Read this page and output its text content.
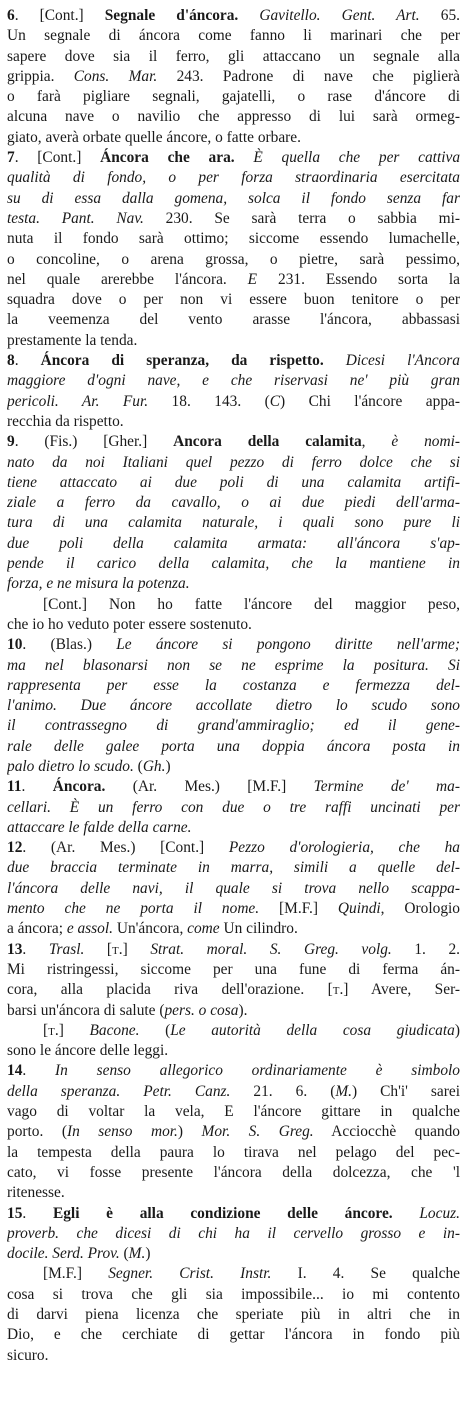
6. [Cont.] Segnale d'áncora. Gavitello. Gent. Art. 65.
Un segnale di áncora come fanno li marinari che per
sapere dove sia il ferro, gli attaccano un segnale alla
grippia. Cons. Mar. 243. Padrone di nave che piglierà
o farà pigliare segnali, gajatelli, o rase d'áncore di
alcuna nave o navilio che appresso di lui sarà ormeg-
giato, averà orbate quelle áncore, o fatte orbare.
7. [Cont.] Áncora che ara. È quella che per cattiva
qualità di fondo, o per forza straordinaria esercitata
su di essa dalla gomena, solca il fondo senza far
testa. Pant. Nav. 230. Se sarà terra o sabbia mi-
nuta il fondo sarà ottimo; siccome essendo lumachelle,
o concoline, o arena grossa, o pietre, sarà pessimo,
nel quale arerebbe l'áncora. E 231. Essendo sorta la
squadra dove o per non vi essere buon tenitore o per
la veemenza del vento arasse l'áncora, abbassasi
prestamente la tenda.
8. Áncora di speranza, da rispetto. Dicesi l'Ancora
maggiore d'ogni nave, e che riservasi ne' più gran
pericoli. Ar. Fur. 18. 143. (C) Chi l'áncore appa-
recchia da rispetto.
9. (Fis.) [Gher.] Ancora della calamita, è nomi-
nato da noi Italiani quel pezzo di ferro dolce che si
tiene attaccato ai due poli di una calamita artifi-
ziale a ferro da cavallo, o ai due piedi dell'arma-
tura di una calamita naturale, i quali sono pure li
due poli della calamita armata: all'áncora s'ap-
pende il carico della calamita, che la mantiene in
forza, e ne misura la potenza.
[Cont.] Non ho fatte l'áncore del maggior peso,
che io ho veduto poter essere sostenuto.
10. (Blas.) Le áncore si pongono diritte nell'arme;
ma nel blasonarsi non se ne esprime la positura. Si
rappresenta per esse la costanza e fermezza del-
l'animo. Due áncore accollate dietro lo scudo sono
il contrassegno di grand'ammiraglio; ed il gene-
rale delle galee porta una doppia áncora posta in
palo dietro lo scudo. (Gh.)
11. Áncora. (Ar. Mes.) [M.F.] Termine de' ma-
cellari. È un ferro con due o tre raffi uncinati per
attaccare le falde della carne.
12. (Ar. Mes.) [Cont.] Pezzo d'orologieria, che ha
due braccia terminate in marra, simili a quelle del-
l'áncora delle navi, il quale si trova nello scappa-
mento che ne porta il nome. [M.F.] Quindi, Orologio
a áncora; e assol. Un'áncora, come Un cilindro.
13. Trasl. [t.] Strat. moral. S. Greg. volg. 1. 2.
Mi ristringessi, siccome per una fune di ferma án-
cora, alla placida riva dell'orazione. [t.] Avere, Ser-
barsi un'áncora di salute (pers. o cosa).
[t.] Bacone. (Le autorità della cosa giudicata)
sono le áncore delle leggi.
14. In senso allegorico ordinariamente è simbolo
della speranza. Petr. Canz. 21. 6. (M.) Ch'i' sarei
vago di voltar la vela, E l'áncore gittare in qualche
porto. (In senso mor.) Mor. S. Greg. Acciocchè quando
la tempesta della paura lo tirava nel pelago del pec-
cato, vi fosse presente l'áncora della dolcezza, che 'l
ritenesse.
15. Egli è alla condizione delle áncore. Locuz.
proverb. che dicesi di chi ha il cervello grosso e in-
docile. Serd. Prov. (M.)
[M.F.] Segner. Crist. Instr. I. 4. Se qualche
cosa si trova che gli sia impossibile... io mi contento
di darvi piena licenza che speriate più in altri che in
Dio, e che cerchiate di gettar l'áncora in fondo più
sicuro.
